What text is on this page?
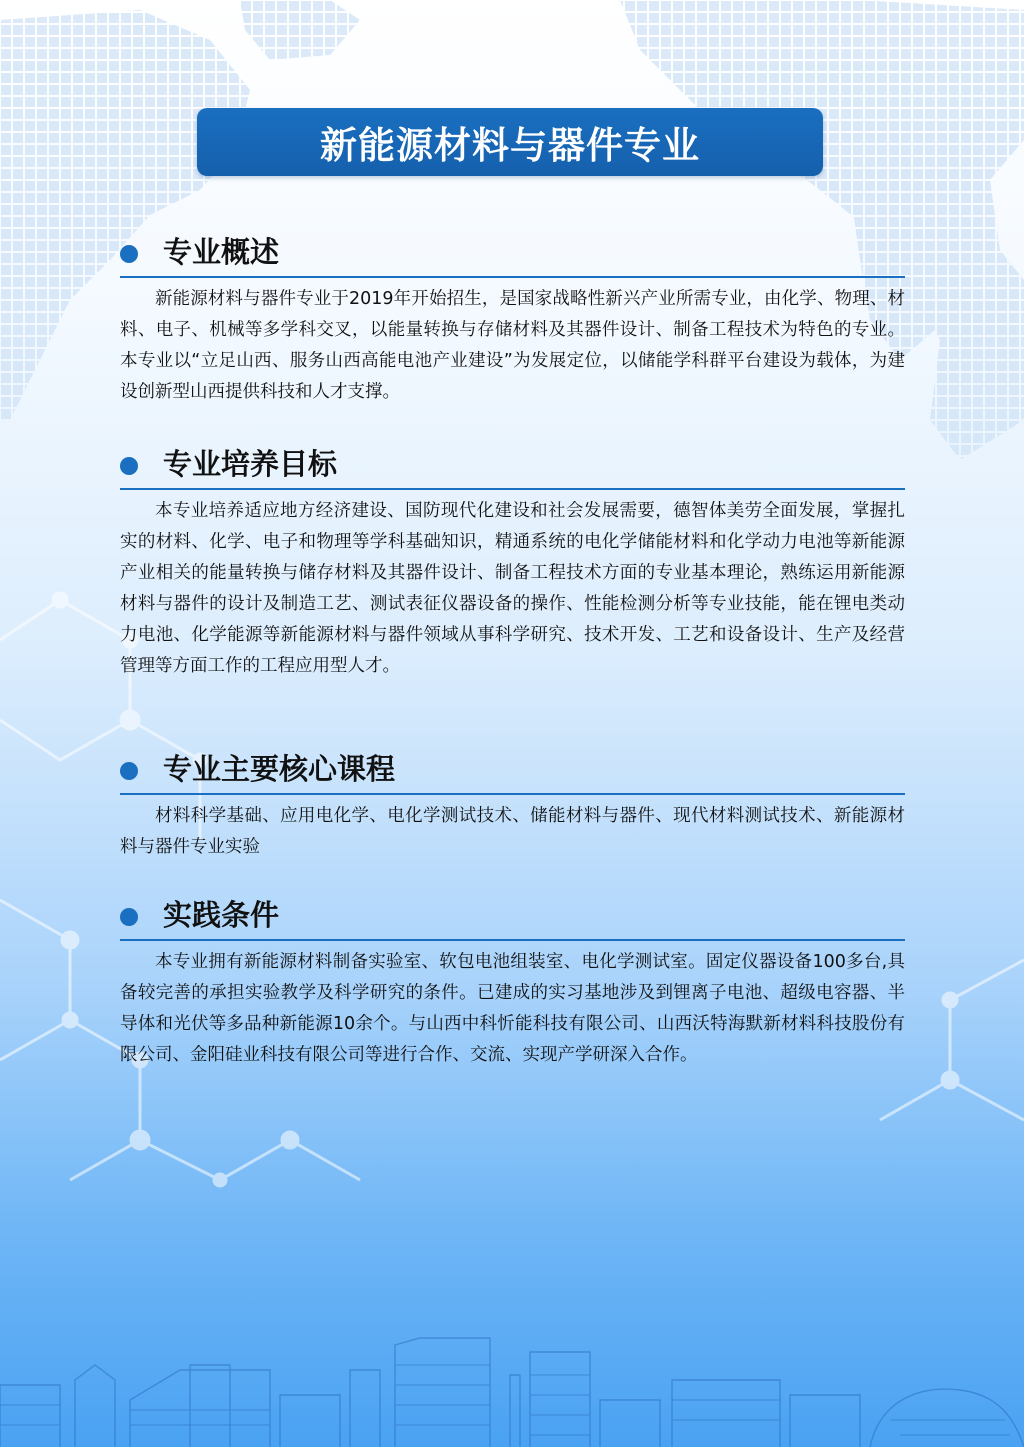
新能源材料与器件专业
专业概述

新能源材料与器件专业于2019年开始招生，是国家战略性新兴产业所需专业，由化学、物理、材料、电子、机械等多学科交叉，以能量转换与存储材料及其器件设计、制备工程技术为特色的专业。本专业以“立足山西、服务山西高能电池产业建设”为发展定位，以储能学科群平台建设为载体，为建设创新型山西提供科技和人才支撑。

专业培养目标

本专业培养适应地方经济建设、国防现代化建设和社会发展需要，德智体美劳全面发展，掌握扎实的材料、化学、电子和物理等学科基础知识，精通系统的电化学储能材料和化学动力电池等新能源产业相关的能量转换与储存材料及其器件设计、制备工程技术方面的专业基本理论，熟练运用新能源材料与器件的设计及制造工艺、测试表征仪器设备的操作、性能检测分析等专业技能，能在锂电类动力电池、化学能源等新能源材料与器件领域从事科学研究、技术开发、工艺和设备设计、生产及经营管理等方面工作的工程应用型人才。

专业主要核心课程

材料科学基础、应用电化学、电化学测试技术、储能材料与器件、现代材料测试技术、新能源材料与器件专业实验

实践条件

本专业拥有新能源材料制备实验室、软包电池组装室、电化学测试室。固定仪器设备100多台,具备较完善的承担实验教学及科学研究的条件。已建成的实习基地涉及到锂离子电池、超级电容器、半导体和光伏等多品种新能源10余个。与山西中科忻能科技有限公司、山西沃特海默新材料科技股份有限公司、金阳硅业科技有限公司等进行合作、交流、实现产学研深入合作。
